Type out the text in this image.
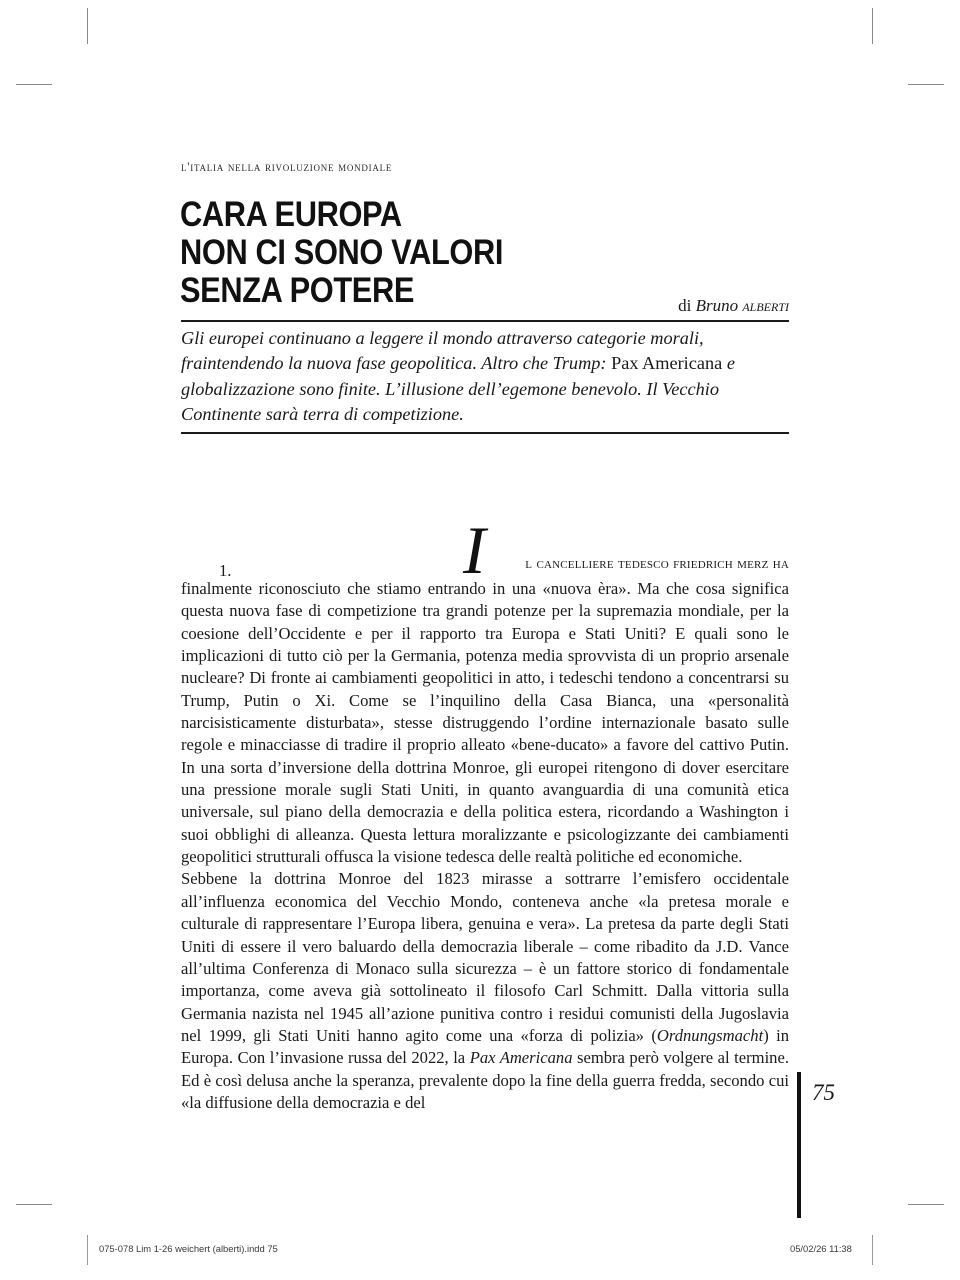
l'italia nella rivoluzione mondiale
CARA EUROPA
NON CI SONO VALORI
SENZA POTERE	di Bruno alberti
Gli europei continuano a leggere il mondo attraverso categorie morali, fraintendendo la nuova fase geopolitica. Altro che Trump: Pax Americana e globalizzazione sono finite. L’illusione dell’egemone benevolo. Il Vecchio Continente sarà terra di competizione.
1.	I	l cancelliere tedesco friedrich merz ha

finalmente riconosciuto che stiamo entrando in una «nuova èra». Ma che cosa significa questa nuova fase di competizione tra grandi potenze per la supremazia mondiale, per la coesione dell’Occidente e per il rapporto tra Europa e Stati Uniti? E quali sono le implicazioni di tutto ciò per la Germania, potenza media sprovvista di un proprio arsenale nucleare? Di fronte ai cambiamenti geopolitici in atto, i tedeschi tendono a concentrarsi su Trump, Putin o Xi. Come se l’inquilino della Casa Bianca, una «personalità narcisisticamente disturbata», stesse distruggendo l’ordine internazionale basato sulle regole e minacciasse di tradire il proprio alleato «bene-ducato» a favore del cattivo Putin. In una sorta d’inversione della dottrina Monroe, gli europei ritengono di dover esercitare una pressione morale sugli Stati Uniti, in quanto avanguardia di una comunità etica universale, sul piano della democrazia e della politica estera, ricordando a Washington i suoi obblighi di alleanza. Questa lettura moralizzante e psicologizzante dei cambiamenti geopolitici strutturali offusca la visione tedesca delle realtà politiche ed economiche.

Sebbene la dottrina Monroe del 1823 mirasse a sottrarre l’emisfero occidentale all’influenza economica del Vecchio Mondo, conteneva anche «la pretesa morale e culturale di rappresentare l’Europa libera, genuina e vera». La pretesa da parte degli Stati Uniti di essere il vero baluardo della democrazia liberale – come ribadito da J.D. Vance all’ultima Conferenza di Monaco sulla sicurezza – è un fattore storico di fondamentale importanza, come aveva già sottolineato il filosofo Carl Schmitt. Dalla vittoria sulla Germania nazista nel 1945 all’azione punitiva contro i residui comunisti della Jugoslavia nel 1999, gli Stati Uniti hanno agito come una «forza di polizia» (Ordnungsmacht) in Europa. Con l’invasione russa del 2022, la Pax Americana sembra però volgere al termine. Ed è così delusa anche la speranza, prevalente dopo la fine della guerra fredda, secondo cui «la diffusione della democrazia e del	75
075-078 Lim 1-26 weichert (alberti).indd 75	05/02/26 11:38
